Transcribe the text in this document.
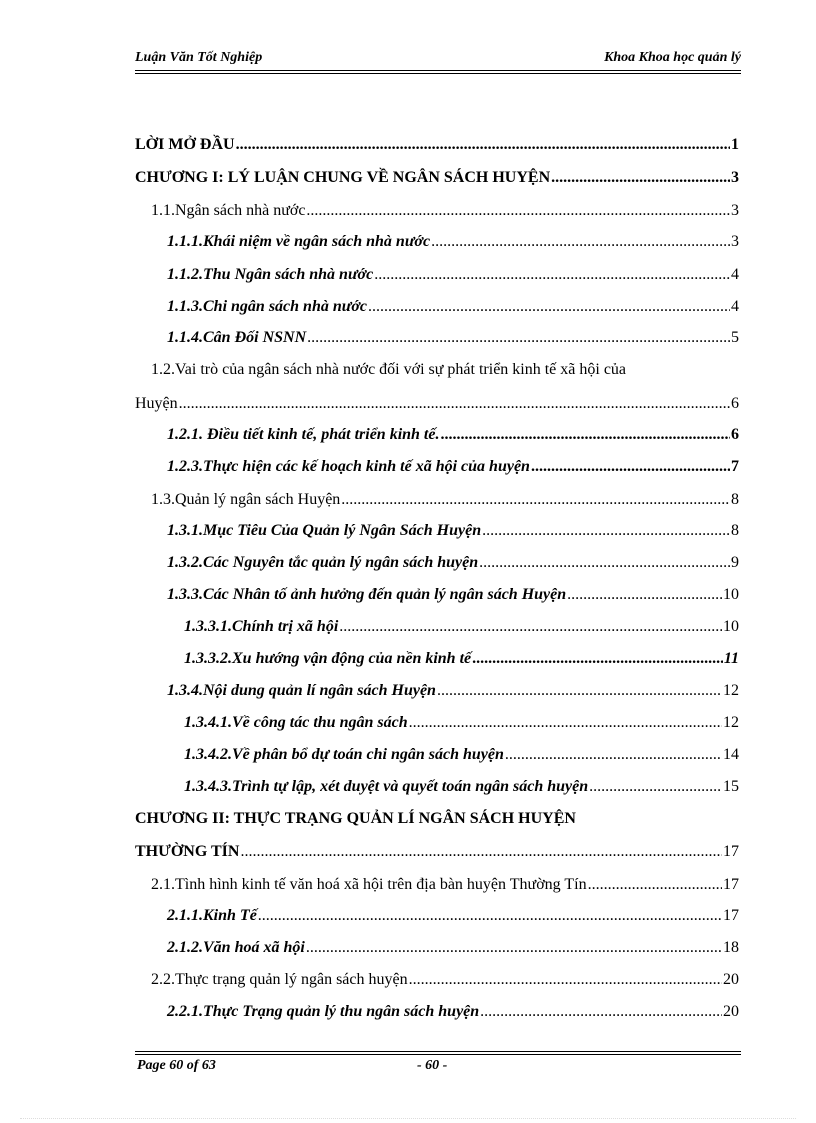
Luận Văn Tốt Nghiệp	Khoa Khoa học quản lý
LỜI MỞ ĐẦU .....	1
CHƯƠNG I: LÝ LUẬN CHUNG VỀ NGÂN SÁCH HUYỆN .....	3
1.1.Ngân sách nhà nước .....	3
1.1.1.Khái niệm về ngân sách nhà nước .....	3
1.1.2.Thu Ngân sách nhà nước .....	4
1.1.3.Chi ngân sách nhà nước .....	4
1.1.4.Cân Đối NSNN .....	5
1.2.Vai trò của ngân sách nhà nước đối với sự phát triển kinh tế xã hội của
Huyện .....	6
1.2.1. Điều tiết kinh tế, phát triển kinh tế. .....	6
1.2.3.Thực hiện các kế hoạch kinh tế xã hội của huyện .....	7
1.3.Quản lý ngân sách Huyện .....	8
1.3.1.Mục Tiêu Của Quản lý Ngân Sách Huyện .....	8
1.3.2.Các Nguyên tắc quản lý ngân sách huyện .....	9
1.3.3.Các Nhân tố ảnh hưởng đến quản lý ngân sách Huyện .....	10
1.3.3.1.Chính trị xã hội .....	10
1.3.3.2.Xu hướng vận động của nền kinh tế .....	11
1.3.4.Nội dung quản lí ngân sách Huyện .....	12
1.3.4.1.Về công tác thu ngân sách .....	12
1.3.4.2.Về phân bổ dự toán chi ngân sách huyện .....	14
1.3.4.3.Trình tự lập, xét duyệt và quyết toán ngân sách huyện .....	15
CHƯƠNG II: THỰC TRẠNG QUẢN LÍ NGÂN SÁCH HUYỆN
THƯỜNG TÍN .....	17
2.1.Tình hình kinh tế văn hoá xã hội trên địa bàn huyện Thường Tín .....	17
2.1.1.Kinh Tế .....	17
2.1.2.Văn hoá xã hội .....	18
2.2.Thực trạng quản lý ngân sách huyện .....	20
2.2.1.Thực Trạng quản lý thu ngân sách huyện .....	20
Page 60 of 63	- 60 -
